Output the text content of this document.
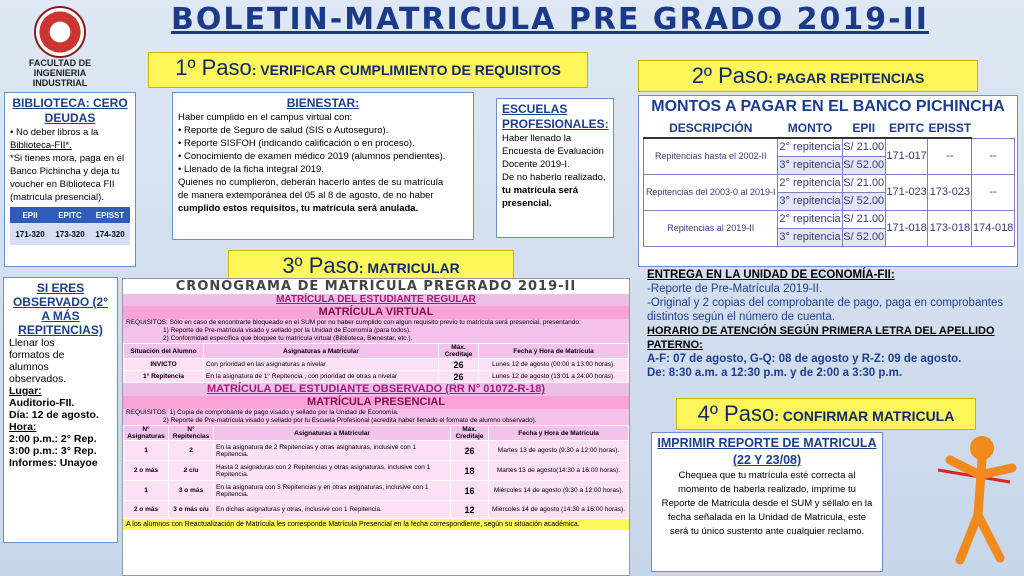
FACULTAD DE
INGENIERIA INDUSTRIAL
BOLETIN-MATRICULA PRE GRADO 2019-II
1º Paso: VERIFICAR CUMPLIMIENTO DE REQUISITOS
BIBLIOTECA: CERO DEUDAS
• No deber libros a la
Biblioteca-FII*.
*Si tienes mora, paga en el
Banco Pichincha y deja tu
voucher en Biblioteca FII
(matrícula presencial).
EPII	EPITC	EPISST
171-320	173-320	174-320
BIENESTAR:
Haber cumplido en el campus virtual con:
• Reporte de Seguro de salud (SIS o Autoseguro).
• Reporte SISFOH (indicando calificación o en proceso).
• Conocimiento de examen médico 2019 (alumnos pendientes).
• Llenado de la ficha integral 2019.
Quienes no cumplieron, deberán hacerlo antes de su matrícula
de manera extemporánea del 05 al 8 de agosto, de no haber
cumplido estos requisitos, tu matrícula será anulada.
ESCUELAS PROFESIONALES:
Haber llenado la
Encuesta de Evaluación
Docente 2019-I.
De no haberlo realizado,
tu matrícula será
presencial.
2º Paso: PAGAR REPITENCIAS
MONTOS A PAGAR EN EL BANCO PICHINCHA
DESCRIPCIÓN	MONTO	EPII	EPITC	EPISST	
Repitencias hasta el 2002-II	2° repitencia	S/ 21.00	171-017	--	--
	3° repitencia	S/ 52.00			
Repitencias del 2003-0 al 2019-I	2° repitencia	S/ 21.00	171-023	173-023	--
	3° repitencia	S/ 52.00			
Repitencias al 2019-II	2° repitencia	S/ 21.00	171-018	173-018	174-018
	3° repitencia	S/ 52.00			
ENTREGA EN LA UNIDAD DE ECONOMÍA-FII:
-Reporte de Pre-Matrícula 2019-II.
-Original y 2 copias del comprobante de pago, paga en comprobantes
distintos según el número de cuenta.
HORARIO DE ATENCIÓN SEGÚN PRIMERA LETRA DEL APELLIDO PATERNO:
A-F: 07 de agosto, G-Q: 08 de agosto y R-Z: 09 de agosto.
De: 8:30 a.m. a 12:30 p.m. y de 2:00 a 3:30 p.m.
3º Paso: MATRICULAR
SI ERES OBSERVADO (2° A MÁS REPITENCIAS)

Llenar los

formatos de

alumnos

observados.

Lugar:

Auditorio-FII.

Día: 12 de agosto.

Hora:

2:00 p.m.: 2° Rep.

3:00 p.m.: 3° Rep.

Informes: Unayoe

CRONOGRAMA DE MATRÍCULA PREGRADO 2019-II
MATRÍCULA DEL ESTUDIANTE REGULAR
MATRÍCULA VIRTUAL
REQUISITOS: Sólo en caso de encontrarte bloqueado en el SUM por no haber cumplido con algún requisito previo tu matrícula será presencial, presentando:
1) Reporte de Pre-matrícula visado y sellado por la Unidad de Economía (para todos).
2) Conformidad específica que bloquee tu matrícula virtual (Biblioteca, Bienestar, etc.).
Situación del Alumno	Asignaturas a Matricular	Máx. Creditaje	Fecha y Hora de Matrícula
INVICTO	Con prioridad en las asignaturas a nivelar	26	Lunes 12 de agosto (00:00 a 13:00 horas).
1° Repitencia	En la asignatura de 1° Repitencia , con prioridad de otras a nivelar	26	Lunes 12 de agosto (13:01 a 24:00 horas).
MATRÍCULA DEL ESTUDIANTE OBSERVADO (RR N° 01072-R-18)
MATRÍCULA PRESENCIAL
REQUISITOS: 1) Copia de comprobante de pago visado y sellado por la Unidad de Economía.
2) Reporte de Pre-matrícula visado y sellado por tu Escuela Profesional (acredita haber llenado el formato de alumno observado).
N° Asignaturas	N° Repitencias	Asignaturas a Matricular	Máx. Creditaje	Fecha y Hora de Matrícula
1	2	En la asignatura de 2 Repitencias y otras asignaturas, inclusive con 1 Repitencia.	26	Martes 13 de agosto (9:30 a 12:00 horas).
2 o más	2 c/u	Hasta 2 asignaturas con 2 Repitencias y otras asignaturas, inclusive con 1 Repitencia.	18	Martes 13 de agosto(14:30 a 16:00 horas).
1	3 o más	En la asignatura con 3 Repitencias y en otras asignaturas, inclusive con 1 Repitencia.	16	Miércoles 14 de agosto (9:30 a 12:00 horas).
2 o más	3 o más c/u	En dichas asignaturas y otras, inclusive con 1 Repitencia.	12	Miércoles 14 de agosto (14:30 a 16:00 horas).
A los alumnos con Reactualización de Matrícula les corresponde Matrícula Presencial en la fecha correspondiente, según su situación académica.
4º Paso: CONFIRMAR MATRICULA
IMPRIMIR REPORTE DE MATRICULA (22 Y 23/08)
Chequea que tu matrícula esté correcta al
momento de haberla realizado, imprime tu
Reporte de Matricula desde el SUM y séllalo en la
fecha señalada en la Unidad de Matricula, este
será tu único sustento ante cualquier reclamo.
